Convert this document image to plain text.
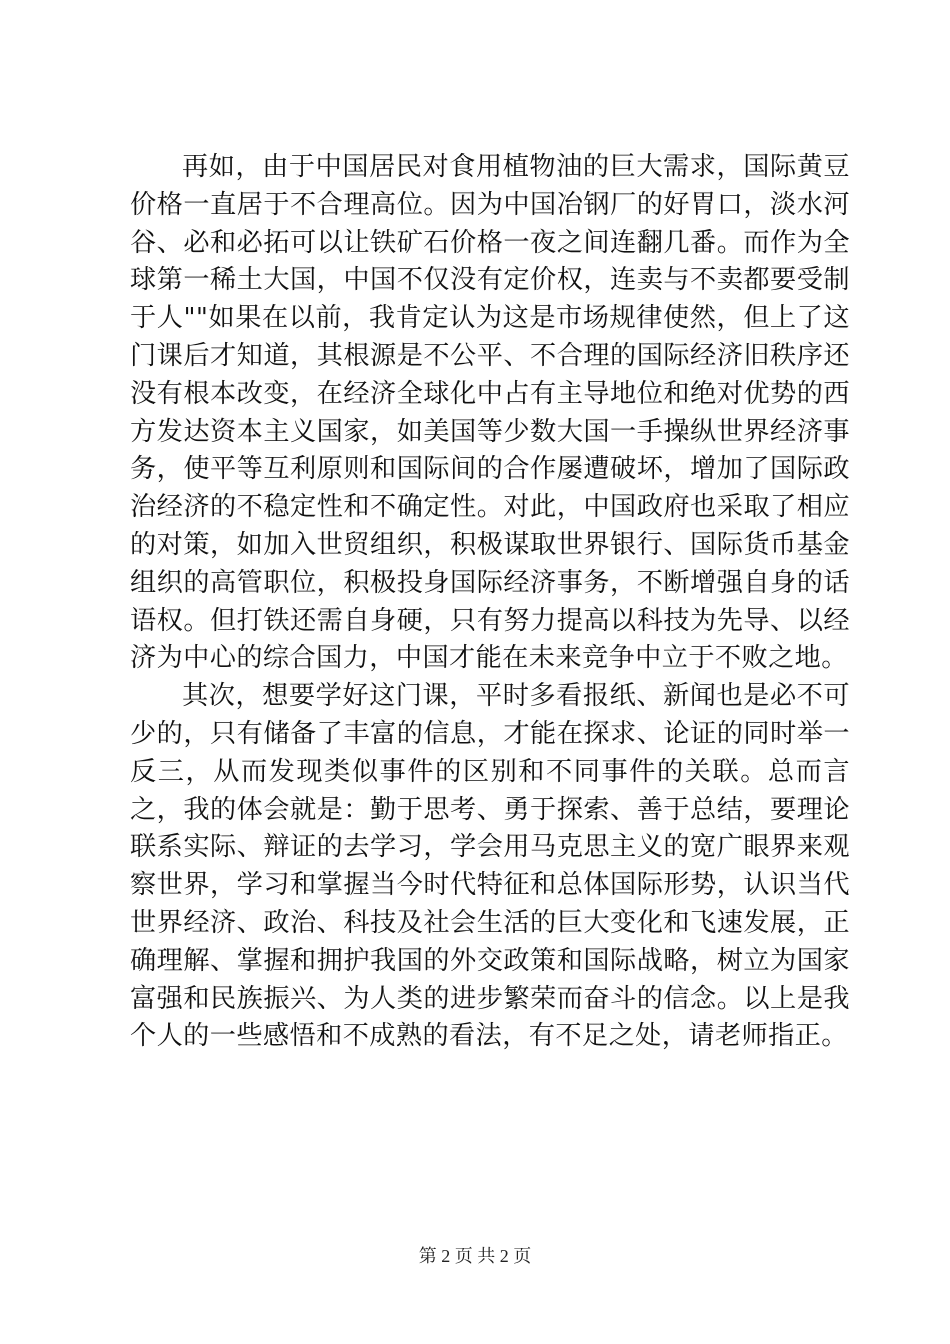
再如，由于中国居民对食用植物油的巨大需求，国际黄豆价格一直居于不合理高位。因为中国冶钢厂的好胃口，淡水河谷、必和必拓可以让铁矿石价格一夜之间连翻几番。而作为全球第一稀土大国，中国不仅没有定价权，连卖与不卖都要受制于人""如果在以前，我肯定认为这是市场规律使然，但上了这门课后才知道，其根源是不公平、不合理的国际经济旧秩序还没有根本改变，在经济全球化中占有主导地位和绝对优势的西方发达资本主义国家，如美国等少数大国一手操纵世界经济事务，使平等互利原则和国际间的合作屡遭破坏，增加了国际政治经济的不稳定性和不确定性。对此，中国政府也采取了相应的对策，如加入世贸组织，积极谋取世界银行、国际货币基金组织的高管职位，积极投身国际经济事务，不断增强自身的话语权。但打铁还需自身硬，只有努力提高以科技为先导、以经济为中心的综合国力，中国才能在未来竞争中立于不败之地。

其次，想要学好这门课，平时多看报纸、新闻也是必不可少的，只有储备了丰富的信息，才能在探求、论证的同时举一反三，从而发现类似事件的区别和不同事件的关联。总而言之，我的体会就是：勤于思考、勇于探索、善于总结，要理论联系实际、辩证的去学习，学会用马克思主义的宽广眼界来观察世界，学习和掌握当今时代特征和总体国际形势，认识当代世界经济、政治、科技及社会生活的巨大变化和飞速发展，正确理解、掌握和拥护我国的外交政策和国际战略，树立为国家富强和民族振兴、为人类的进步繁荣而奋斗的信念。以上是我个人的一些感悟和不成熟的看法，有不足之处，请老师指正。

第 2 页 共 2 页
